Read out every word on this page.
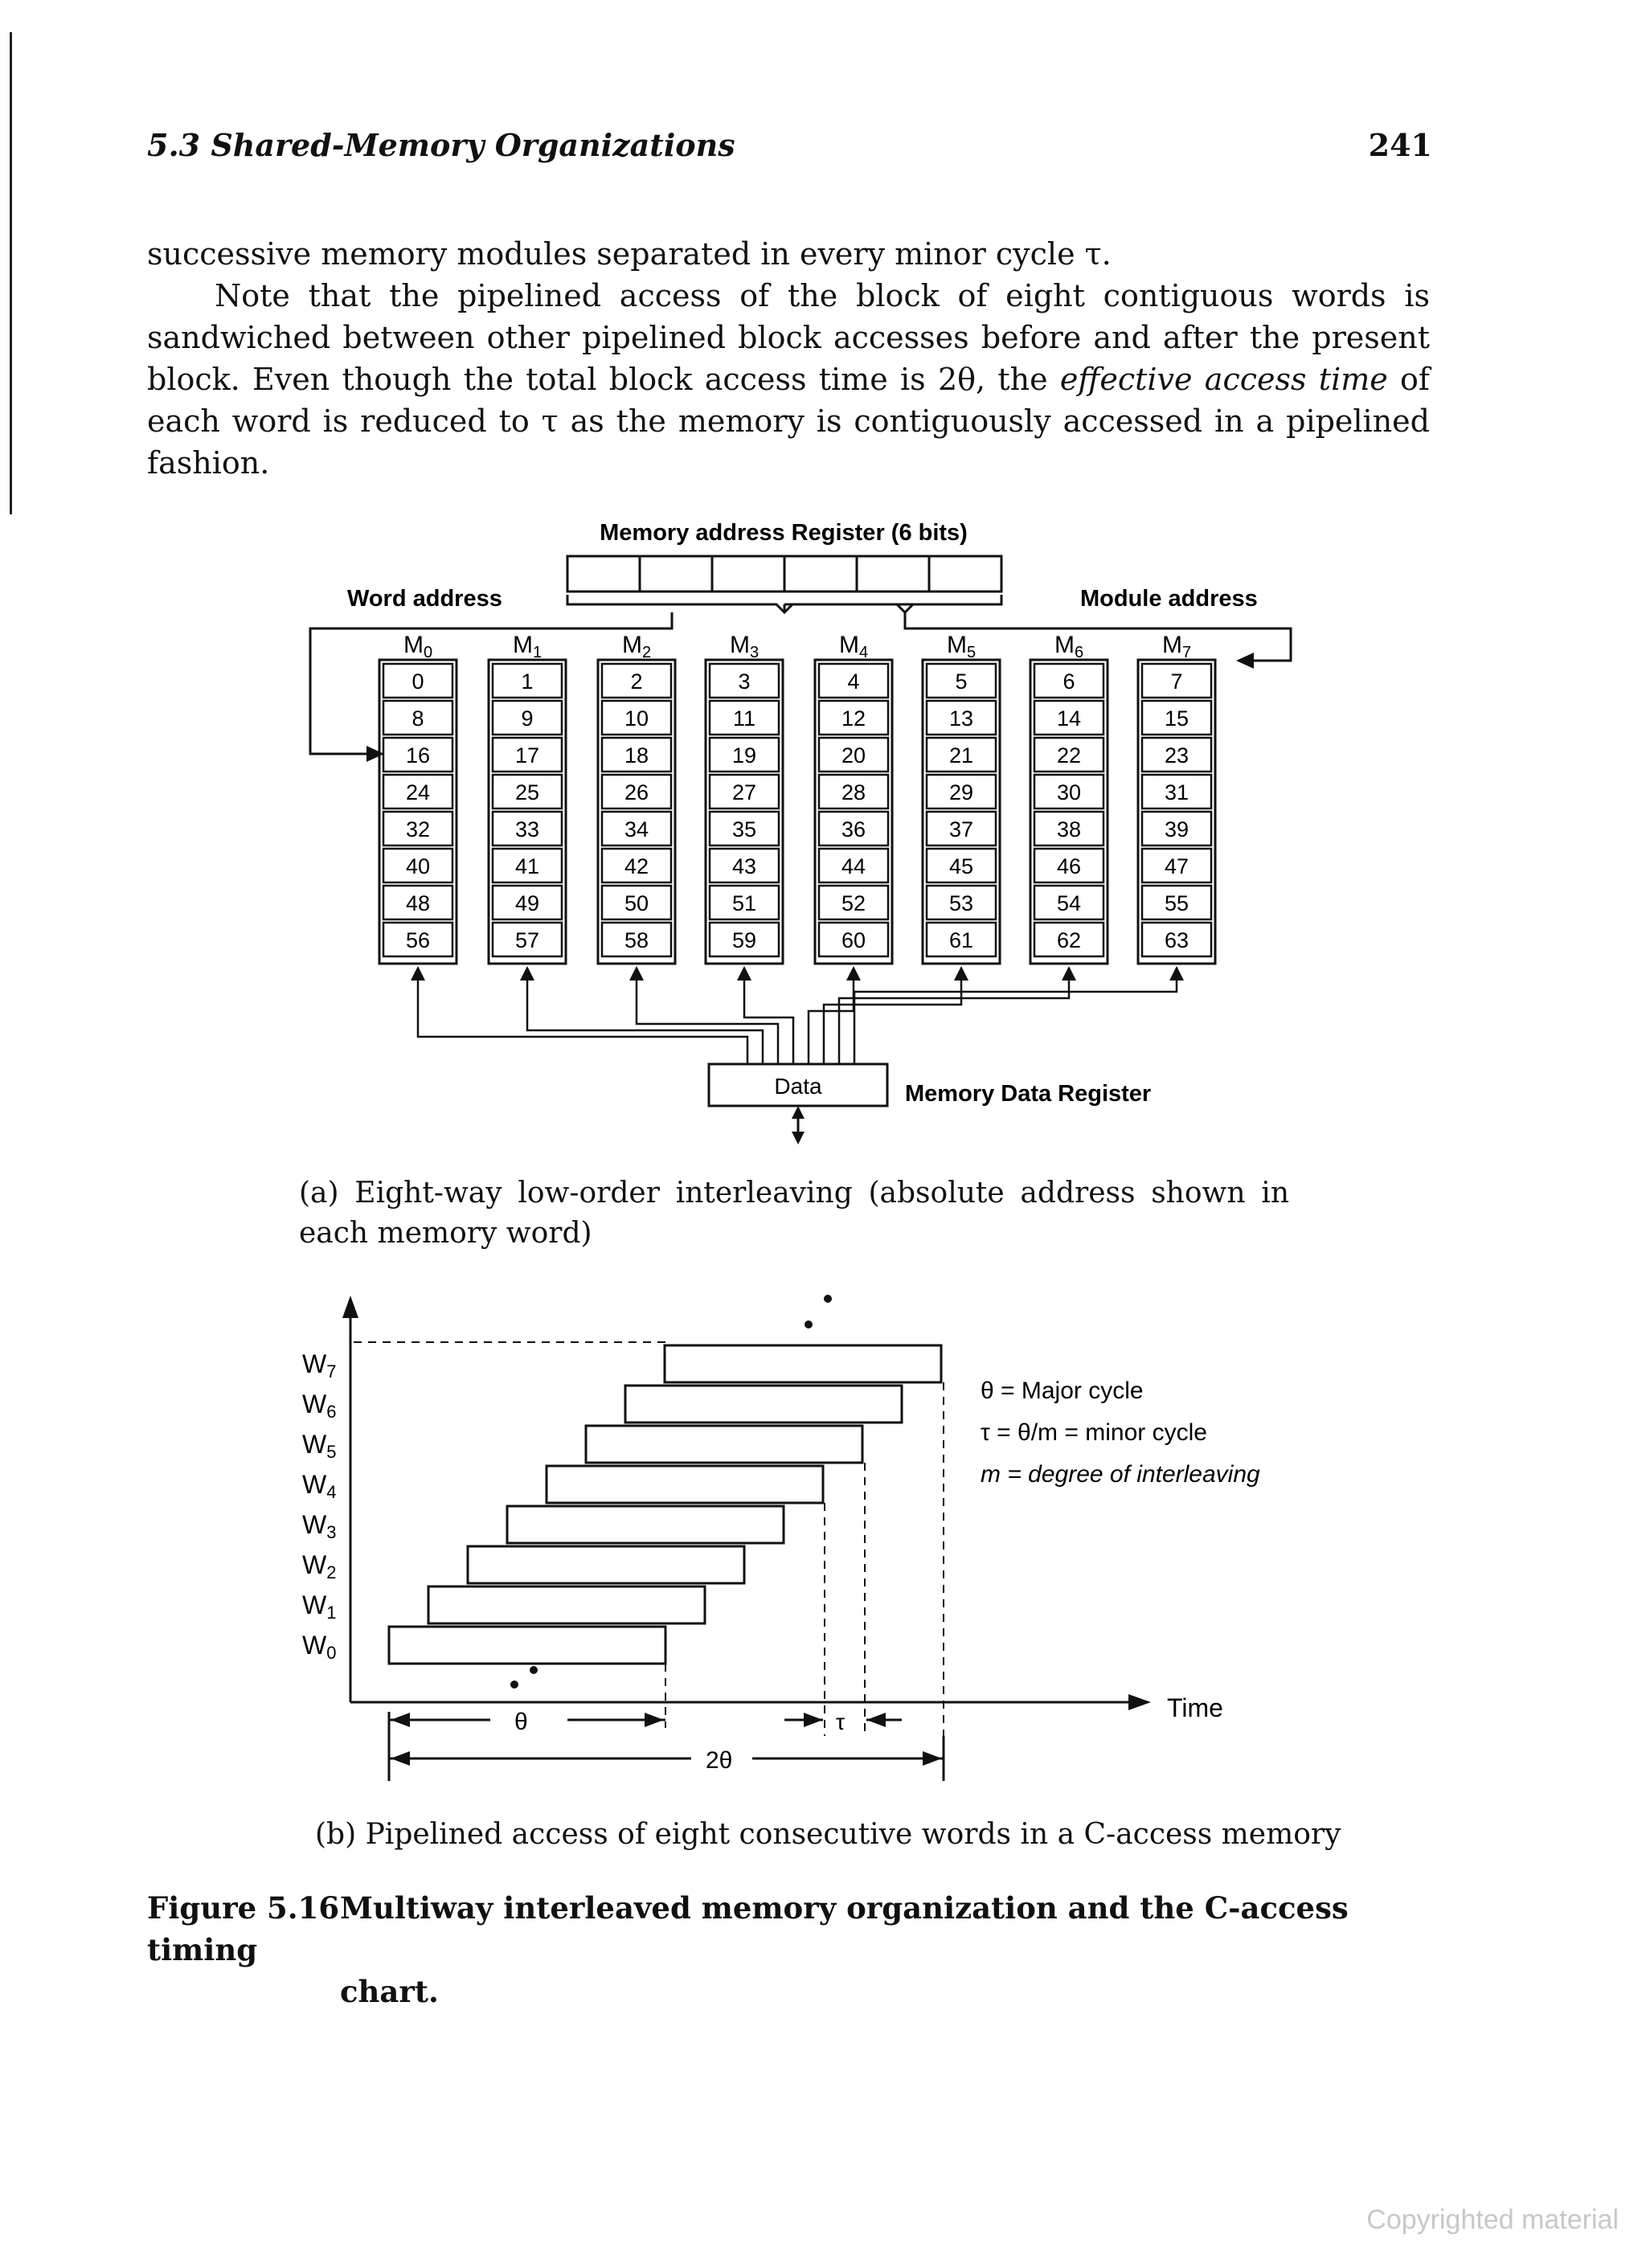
5.3 Shared-Memory Organizations	241

successive memory modules separated in every minor cycle τ.

Note that the pipelined access of the block of eight contiguous words is sandwiched between other pipelined block accesses before and after the present block. Even though the total block access time is 2θ, the effective access time of each word is reduced to τ as the memory is contiguously accessed in a pipelined fashion.

Memory address Register (6 bits)
Word address	Module address
$M_0$
0
8
16
24
32
40
48
56
$M_1$
1
9
17
25
33
41
49
57
$M_2$
2
10
18
26
34
42
50
58
$M_3$
3
11
19
27
35
43
51
59
$M_4$
4
12
20
28
36
44
52
60
$M_5$
5
13
21
29
37
45
53
61
$M_6$
6
14
22
30
38
46
54
62
$M_7$
7
15
23
31
39
47
55
63
Data	Memory Data Register
(a) Eight-way low-order interleaving (absolute address shown in each memory word)
Time
W0
W1
W2
W3
W4
W5
W6
W7
θ
2θ
τ
θ = Major cycle
τ = θ/m = minor cycle
m = degree of interleaving
(b) Pipelined access of eight consecutive words in a C-access memory
Figure 5.16Multiway interleaved memory organization and the C-access timing
chart.
Copyrighted material
